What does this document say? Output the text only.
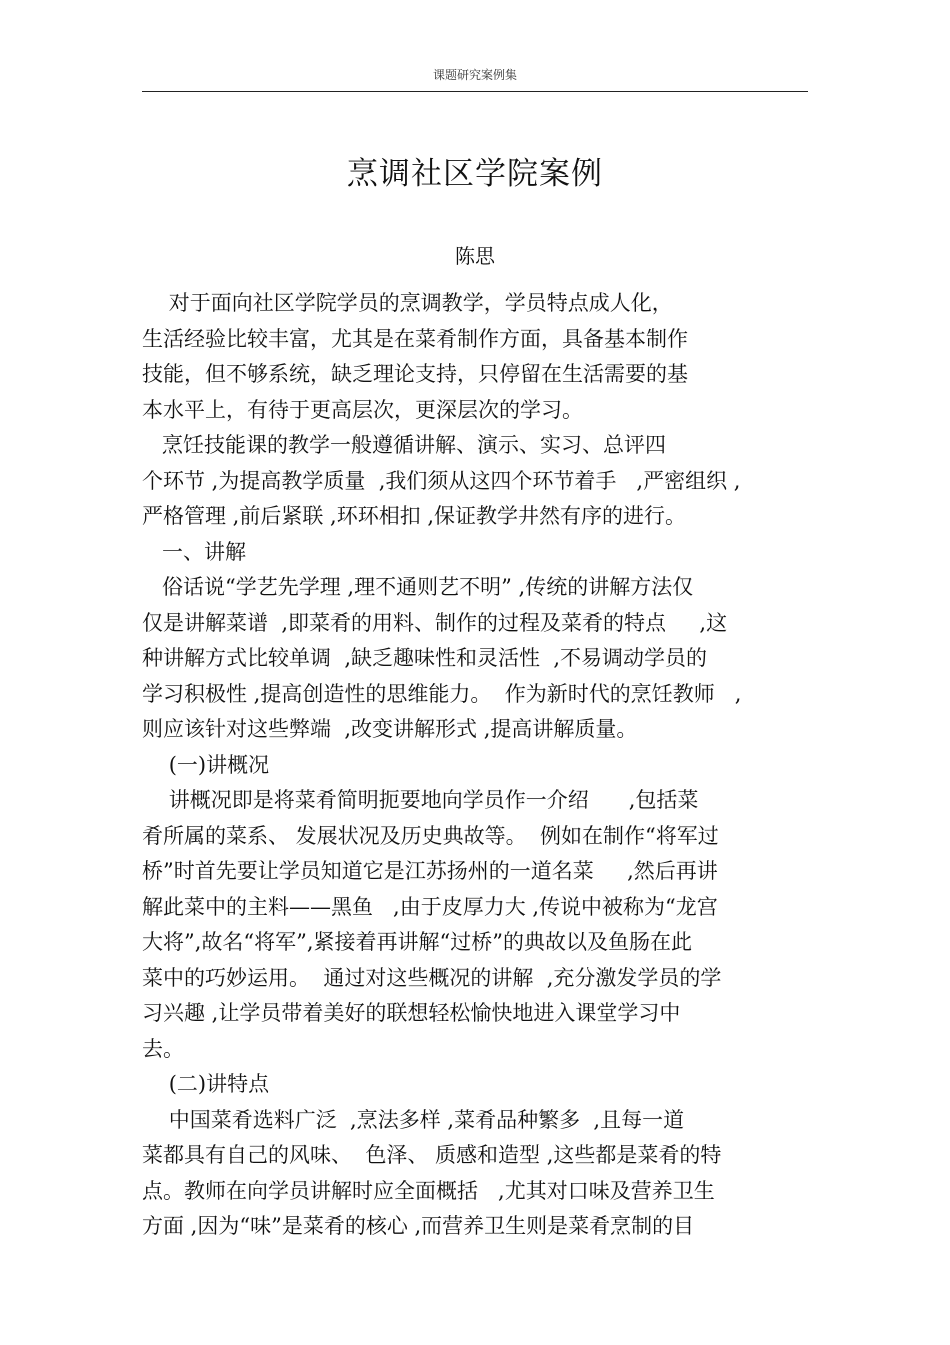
课题研究案例集
烹调社区学院案例
陈思
对于面向社区学院学员的烹调教学，学员特点成人化，
生活经验比较丰富，尤其是在菜肴制作方面，具备基本制作
技能，但不够系统，缺乏理论支持，只停留在生活需要的基
本水平上，有待于更高层次，更深层次的学习。
烹饪技能课的教学一般遵循讲解、演示、实习、总评四
个环节 ,为提高教学质量  ,我们须从这四个环节着手   ,严密组织 ,
严格管理 ,前后紧联 ,环环相扣 ,保证教学井然有序的进行。
一、讲解
俗话说“学艺先学理 ,理不通则艺不明” ,传统的讲解方法仅
仅是讲解菜谱  ,即菜肴的用料、制作的过程及菜肴的特点     ,这
种讲解方式比较单调  ,缺乏趣味性和灵活性  ,不易调动学员的
学习积极性 ,提高创造性的思维能力。  作为新时代的烹饪教师   ,
则应该针对这些弊端  ,改变讲解形式 ,提高讲解质量。
(一)讲概况
讲概况即是将菜肴简明扼要地向学员作一介绍      ,包括菜
肴所属的菜系、 发展状况及历史典故等。  例如在制作“将军过
桥”时首先要让学员知道它是江苏扬州的一道名菜     ,然后再讲
解此菜中的主料——黑鱼   ,由于皮厚力大 ,传说中被称为“龙宫
大将”,故名“将军”,紧接着再讲解“过桥”的典故以及鱼肠在此
菜中的巧妙运用。  通过对这些概况的讲解  ,充分激发学员的学
习兴趣 ,让学员带着美好的联想轻松愉快地进入课堂学习中
去。
(二)讲特点
中国菜肴选料广泛  ,烹法多样 ,菜肴品种繁多  ,且每一道
菜都具有自己的风味、  色泽、 质感和造型 ,这些都是菜肴的特
点。教师在向学员讲解时应全面概括   ,尤其对口味及营养卫生
方面 ,因为“味”是菜肴的核心 ,而营养卫生则是菜肴烹制的目
